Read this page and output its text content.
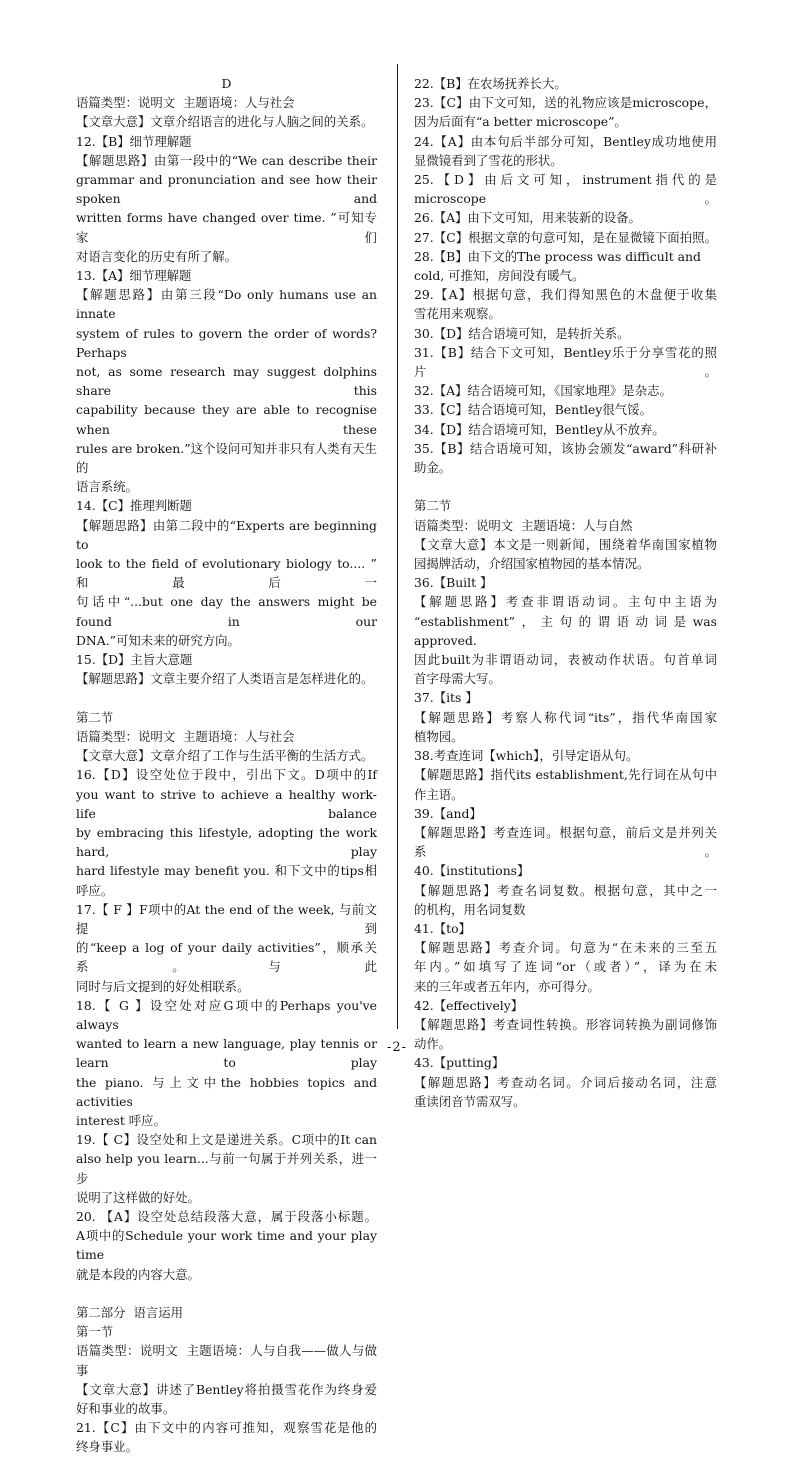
D
语篇类型：说明文  主题语境：人与社会
【文章大意】文章介绍语言的进化与人脑之间的关系。
12.【B】细节理解题
【解题思路】由第一段中的“We can describe their
grammar and pronunciation and see how their spoken and
written forms have changed over time. ”可知专家们
对语言变化的历史有所了解。
13.【A】细节理解题
【解题思路】由第三段“Do only humans use an innate
system of rules to govern the order of words? Perhaps
not, as some research may suggest dolphins share this
capability because they are able to recognise when these
rules are broken.”这个设问可知并非只有人类有天生的
语言系统。
14.【C】推理判断题
【解题思路】由第二段中的“Experts are beginning to
look to the field of evolutionary biology to.... ” 和最后一
句话中“...but one day the answers might be found in our
DNA.”可知未来的研究方向。
15.【D】主旨大意题
【解题思路】文章主要介绍了人类语言是怎样进化的。
第二节
语篇类型：说明文  主题语境：人与社会
【文章大意】文章介绍了工作与生活平衡的生活方式。
16.【D】设空处位于段中，引出下文。D项中的If
you want to strive to achieve a healthy work-life balance
by embracing this lifestyle, adopting the work hard, play
hard lifestyle may benefit you. 和下文中的tips相呼应。
17.【 F 】F项中的At the end of the week, 与前文提到
的“keep a log of your daily activities”，顺承关系。与此
同时与后文提到的好处相联系。
18.【 G 】设空处对应G项中的Perhaps you've always
wanted to learn a new language, play tennis or learn to play
the piano. 与上文中the hobbies topics and activities
interest 呼应。
19.【 C】设空处和上文是递进关系。C项中的It can
also help you learn...与前一句属于并列关系，进一步
说明了这样做的好处。
20. 【A】设空处总结段落大意，属于段落小标题。
A项中的Schedule your work time and your play time
就是本段的内容大意。
第二部分  语言运用
第一节
语篇类型：说明文  主题语境：人与自我——做人与做事
【文章大意】讲述了Bentley将拍摄雪花作为终身爱
好和事业的故事。
21.【C】由下文中的内容可推知，观察雪花是他的
终身事业。
22.【B】在农场抚养长大。
23.【C】由下文可知，送的礼物应该是microscope，
因为后面有“a better microscope”。
24.【A】由本句后半部分可知，Bentley成功地使用
显微镜看到了雪花的形状。
25.【D】由后文可知，instrument指代的是microscope。
26.【A】由下文可知，用来装新的设备。
27.【C】根据文章的句意可知，是在显微镜下面拍照。
28.【B】由下文的The process was difficult and
cold, 可推知，房间没有暖气。
29.【A】根据句意，我们得知黑色的木盘便于收集
雪花用来观察。
30.【D】结合语境可知，是转折关系。
31.【B】结合下文可知，Bentley乐于分享雪花的照片。
32.【A】结合语境可知，《国家地理》是杂志。
33.【C】结合语境可知，Bentley很气馁。
34.【D】结合语境可知，Bentley从不放弃。
35.【B】结合语境可知，该协会颁发“award”科研补
助金。
第二节
语篇类型：说明文  主题语境：人与自然
【文章大意】本文是一则新闻，围绕着华南国家植物
园揭牌活动，介绍国家植物园的基本情况。
36.【Built 】
【解题思路】考查非谓语动词。主句中主语为
“establishment”，主句的谓语动词是was approved.
因此built为非谓语动词，表被动作状语。句首单词
首字母需大写。
37.【its 】
【解题思路】考察人称代词“its”，指代华南国家
植物园。
38.考查连词【which】，引导定语从句。
【解题思路】指代its establishment,先行词在从句中
作主语。
39.【and】
【解题思路】考查连词。根据句意，前后文是并列关系。
40.【institutions】
【解题思路】考查名词复数。根据句意，其中之一
的机构，用名词复数
41.【to】
【解题思路】考查介词。句意为“在未来的三至五
年内。”如填写了连词“or（或者）”，译为在未
来的三年或者五年内，亦可得分。
42.【effectively】
【解题思路】考查词性转换。形容词转换为副词修饰
动作。
43.【putting】
【解题思路】考查动名词。介词后接动名词，注意
重读闭音节需双写。
-2-
